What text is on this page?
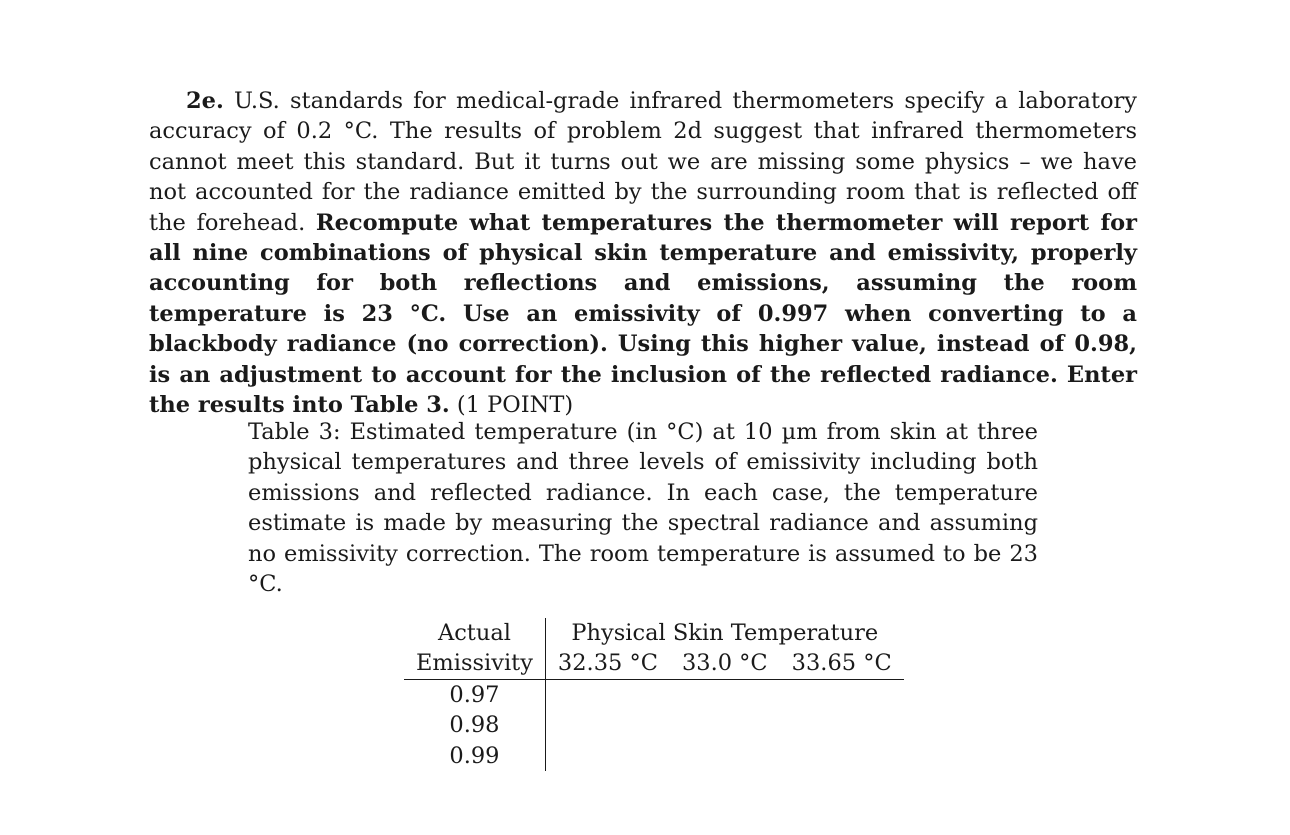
2e. U.S. standards for medical-grade infrared thermometers specify a laboratory accuracy of 0.2 °C. The results of problem 2d suggest that infrared thermometers cannot meet this standard. But it turns out we are missing some physics – we have not accounted for the radiance emitted by the surrounding room that is reflected off the forehead. Recompute what temperatures the thermometer will report for all nine combinations of physical skin temperature and emissivity, properly accounting for both reflections and emissions, assuming the room temperature is 23 °C. Use an emissivity of 0.997 when converting to a blackbody radiance (no correction). Using this higher value, instead of 0.98, is an adjustment to account for the inclusion of the reflected radiance. Enter the results into Table 3. (1 POINT)

Table 3: Estimated temperature (in °C) at 10 µm from skin at three physical temperatures and three levels of emissivity including both emissions and reflected radiance. In each case, the temperature estimate is made by measuring the spectral radiance and assuming no emissivity correction. The room temperature is assumed to be 23 °C.

Actual	Physical Skin Temperature		
Emissivity	32.35 °C	33.0 °C	33.65 °C
0.97			
0.98			
0.99			
